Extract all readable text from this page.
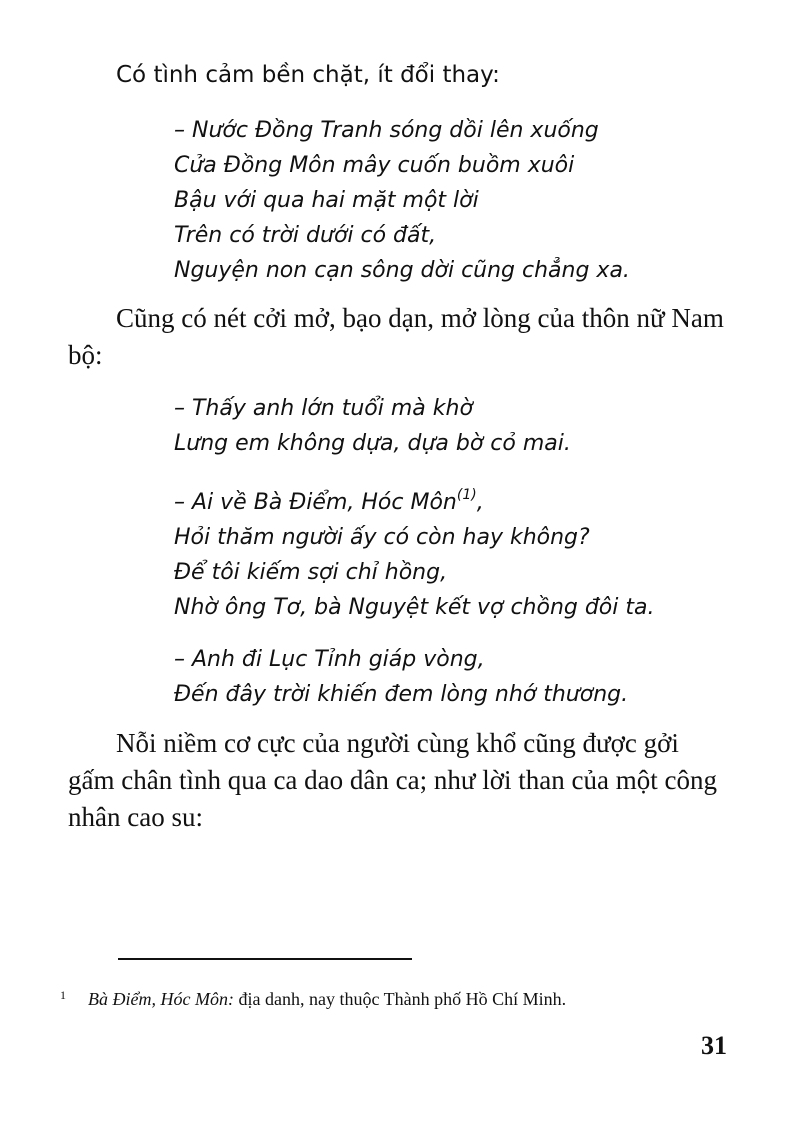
Có tình cảm bền chặt, ít đổi thay:

– Nước Đồng Tranh sóng dồi lên xuống
Cửa Đồng Môn mây cuốn buồm xuôi
Bậu với qua hai mặt một lời
Trên có trời dưới có đất,
Nguyện non cạn sông dời cũng chẳng xa.

Cũng có nét cởi mở, bạo dạn, mở lòng của thôn nữ Nam bộ:

– Thấy anh lớn tuổi mà khờ
Lưng em không dựa, dựa bờ cỏ mai.
– Ai về Bà Điểm, Hóc Môn$^{(1)}$,
Hỏi thăm người ấy có còn hay không?
Để tôi kiếm sợi chỉ hồng,
Nhờ ông Tơ, bà Nguyệt kết vợ chồng đôi ta.
– Anh đi Lục Tỉnh giáp vòng,
Đến đây trời khiến đem lòng nhớ thương.

Nỗi niềm cơ cực của người cùng khổ cũng được gởi gấm chân tình qua ca dao dân ca; như lời than của một công nhân cao su:

1 Bà Điểm, Hóc Môn: địa danh, nay thuộc Thành phố Hồ Chí Minh.
31
